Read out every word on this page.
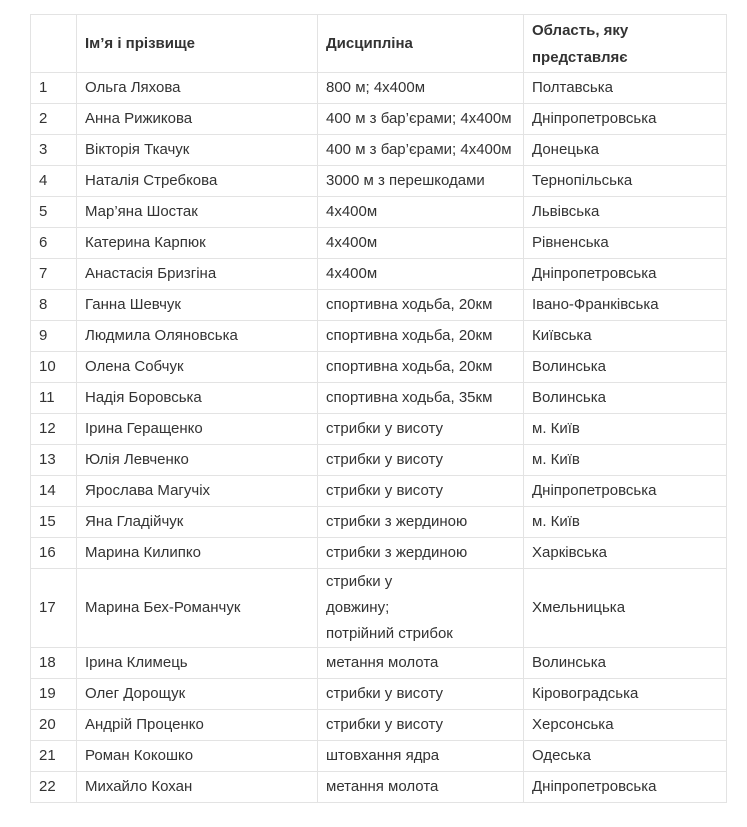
	Ім’я і прізвище	Дисципліна	Область, яку представляє
1	Ольга Ляхова	800 м; 4х400м	Полтавська
2	Анна Рижикова	400 м з бар’єрами; 4х400м	Дніпропетровська
3	Вікторія Ткачук	400 м з бар’єрами; 4х400м	Донецька
4	Наталія Стребкова	3000 м з перешкодами	Тернопільська
5	Мар’яна Шостак	4х400м	Львівська
6	Катерина Карпюк	4х400м	Рівненська
7	Анастасія Бризгіна	4х400м	Дніпропетровська
8	Ганна Шевчук	спортивна ходьба, 20км	Івано-Франківська
9	Людмила Оляновська	спортивна ходьба, 20км	Київська
10	Олена Собчук	спортивна ходьба, 20км	Волинська
11	Надія Боровська	спортивна ходьба, 35км	Волинська
12	Ірина Геращенко	стрибки у висоту	м. Київ
13	Юлія Левченко	стрибки у висоту	м. Київ
14	Ярослава Магучіх	стрибки у висоту	Дніпропетровська
15	Яна Гладійчук	стрибки з жердиною	м. Київ
16	Марина Килипко	стрибки з жердиною	Харківська
17	Марина Бех-Романчук	стрибки у
довжину;
потрійний стрибок	Хмельницька
18	Ірина Климець	метання молота	Волинська
19	Олег Дорощук	стрибки у висоту	Кіровоградська
20	Андрій Проценко	стрибки у висоту	Херсонська
21	Роман Кокошко	штовхання ядра	Одеська
22	Михайло Кохан	метання молота	Дніпропетровська
